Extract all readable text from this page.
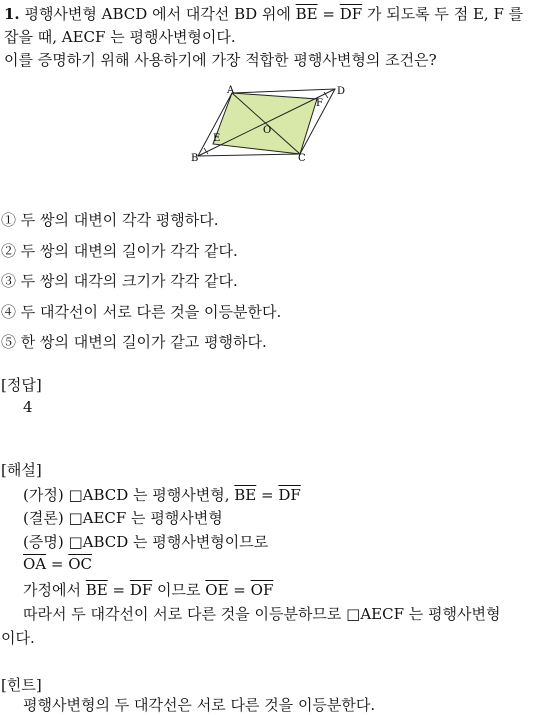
1. 평행사변형 ABCD 에서 대각선 BD 위에 $\overline{BE} = \overline{DF}$ 가 되도록 두 점 E, F 를
잡을 때, AECF 는 평행사변형이다.
이를 증명하기 위해 사용하기에 가장 적합한 평행사변형의 조건은?
A	D
B	C
E
F
O
① 두 쌍의 대변이 각각 평행하다.
② 두 쌍의 대변의 길이가 각각 같다.
③ 두 쌍의 대각의 크기가 각각 같다.
④ 두 대각선이 서로 다른 것을 이등분한다.
⑤ 한 쌍의 대변의 길이가 같고 평행하다.
[정답]
4
[해설]
(가정) □ABCD 는 평행사변형, $\overline{BE} = \overline{DF}$
(결론) □AECF 는 평행사변형
(증명) □ABCD 는 평행사변형이므로
$\overline{OA} = \overline{OC}$
가정에서 $\overline{BE} = \overline{DF}$ 이므로 $\overline{OE} = \overline{OF}$
따라서 두 대각선이 서로 다른 것을 이등분하므로 □AECF 는 평행사변형
이다.
[힌트]
평행사변형의 두 대각선은 서로 다른 것을 이등분한다.
